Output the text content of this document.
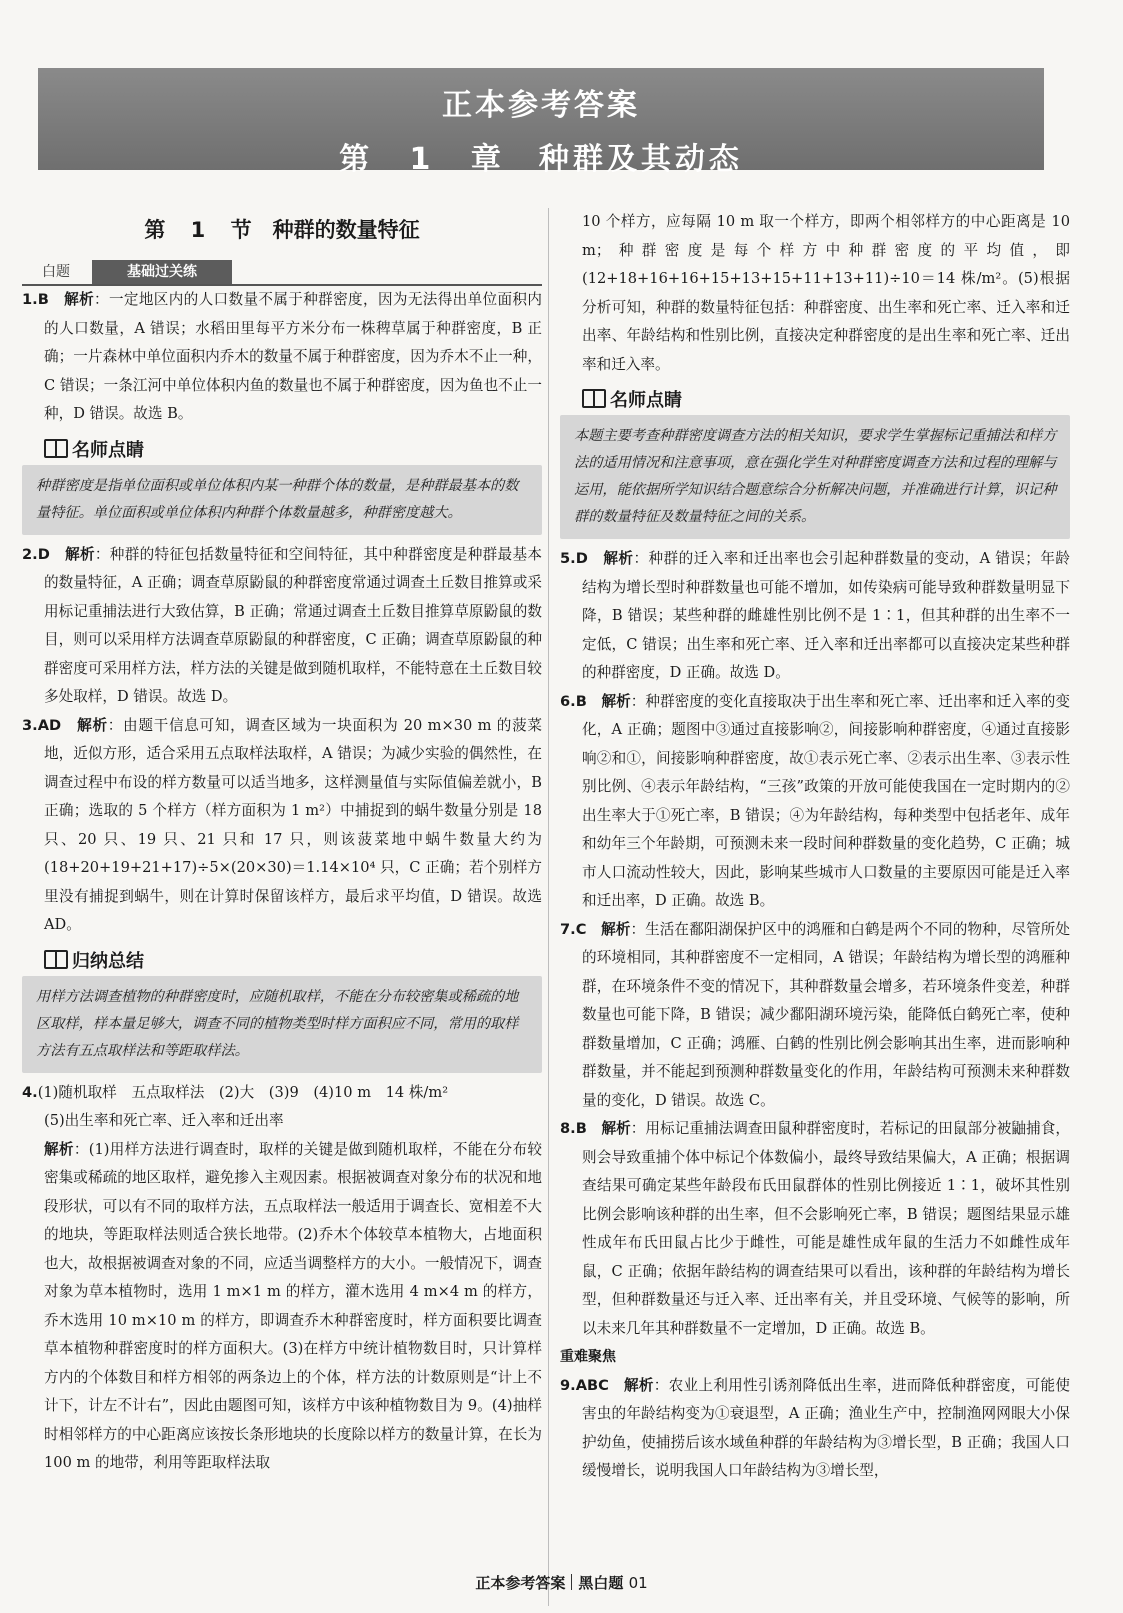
正本参考答案
第 1 章　种群及其动态
第 1 节　种群的数量特征
白题	基础过关练

1.B　 解析：一定地区内的人口数量不属于种群密度，因为无法得出单位面积内的人口数量，A 错误；水稻田里每平方米分布一株稗草属于种群密度，B 正确；一片森林中单位面积内乔木的数量不属于种群密度，因为乔木不止一种，C 错误；一条江河中单位体积内鱼的数量也不属于种群密度，因为鱼也不止一种，D 错误。故选 B。

名师点睛
种群密度是指单位面积或单位体积内某一种群个体的数量，是种群最基本的数量特征。单位面积或单位体积内种群个体数量越多，种群密度越大。

2.D　 解析：种群的特征包括数量特征和空间特征，其中种群密度是种群最基本的数量特征，A 正确；调查草原鼢鼠的种群密度常通过调查土丘数目推算或采用标记重捕法进行大致估算，B 正确；常通过调查土丘数目推算草原鼢鼠的数目，则可以采用样方法调查草原鼢鼠的种群密度，C 正确；调查草原鼢鼠的种群密度可采用样方法，样方法的关键是做到随机取样，不能特意在土丘数目较多处取样，D 错误。故选 D。

3.AD　 解析：由题干信息可知，调查区域为一块面积为 20 m×30 m 的菠菜地，近似方形，适合采用五点取样法取样，A 错误；为减少实验的偶然性，在调查过程中布设的样方数量可以适当地多，这样测量值与实际值偏差就小，B 正确；选取的 5 个样方（样方面积为 1 m²）中捕捉到的蜗牛数量分别是 18 只、20 只、19 只、21 只和 17 只，则该菠菜地中蜗牛数量大约为(18+20+19+21+17)÷5×(20×30)＝1.14×10⁴ 只，C 正确；若个别样方里没有捕捉到蜗牛，则在计算时保留该样方，最后求平均值，D 错误。故选 AD。

归纳总结
用样方法调查植物的种群密度时，应随机取样，不能在分布较密集或稀疏的地区取样，样本量足够大，调查不同的植物类型时样方面积应不同，常用的取样方法有五点取样法和等距取样法。

4.(1)随机取样　五点取样法　(2)大　(3)9　(4)10 m　14 株/m²

(5)出生率和死亡率、迁入率和迁出率

解析：(1)用样方法进行调查时，取样的关键是做到随机取样，不能在分布较密集或稀疏的地区取样，避免掺入主观因素。根据被调查对象分布的状况和地段形状，可以有不同的取样方法，五点取样法一般适用于调查长、宽相差不大的地块，等距取样法则适合狭长地带。(2)乔木个体较草本植物大，占地面积也大，故根据被调查对象的不同，应适当调整样方的大小。一般情况下，调查对象为草本植物时，选用 1 m×1 m 的样方，灌木选用 4 m×4 m 的样方，乔木选用 10 m×10 m 的样方，即调查乔木种群密度时，样方面积要比调查草本植物种群密度时的样方面积大。(3)在样方中统计植物数目时，只计算样方内的个体数目和样方相邻的两条边上的个体，样方法的计数原则是“计上不计下，计左不计右”，因此由题图可知，该样方中该种植物数目为 9。(4)抽样时相邻样方的中心距离应该按长条形地块的长度除以样方的数量计算，在长为 100 m 的地带，利用等距取样法取

10 个样方，应每隔 10 m 取一个样方，即两个相邻样方的中心距离是 10 m；种群密度是每个样方中种群密度的平均值，即(12+18+16+16+15+13+15+11+13+11)÷10＝14 株/m²。(5)根据分析可知，种群的数量特征包括：种群密度、出生率和死亡率、迁入率和迁出率、年龄结构和性别比例，直接决定种群密度的是出生率和死亡率、迁出率和迁入率。

名师点睛
本题主要考查种群密度调查方法的相关知识，要求学生掌握标记重捕法和样方法的适用情况和注意事项，意在强化学生对种群密度调查方法和过程的理解与运用，能依据所学知识结合题意综合分析解决问题，并准确进行计算，识记种群的数量特征及数量特征之间的关系。

5.D　 解析：种群的迁入率和迁出率也会引起种群数量的变动，A 错误；年龄结构为增长型时种群数量也可能不增加，如传染病可能导致种群数量明显下降，B 错误；某些种群的雌雄性别比例不是 1∶1，但其种群的出生率不一定低，C 错误；出生率和死亡率、迁入率和迁出率都可以直接决定某些种群的种群密度，D 正确。故选 D。

6.B　 解析：种群密度的变化直接取决于出生率和死亡率、迁出率和迁入率的变化，A 正确；题图中③通过直接影响②，间接影响种群密度，④通过直接影响②和①，间接影响种群密度，故①表示死亡率、②表示出生率、③表示性别比例、④表示年龄结构，“三孩”政策的开放可能使我国在一定时期内的②出生率大于①死亡率，B 错误；④为年龄结构，每种类型中包括老年、成年和幼年三个年龄期，可预测未来一段时间种群数量的变化趋势，C 正确；城市人口流动性较大，因此，影响某些城市人口数量的主要原因可能是迁入率和迁出率，D 正确。故选 B。

7.C　 解析：生活在鄱阳湖保护区中的鸿雁和白鹤是两个不同的物种，尽管所处的环境相同，其种群密度不一定相同，A 错误；年龄结构为增长型的鸿雁种群，在环境条件不变的情况下，其种群数量会增多，若环境条件变差，种群数量也可能下降，B 错误；减少鄱阳湖环境污染，能降低白鹤死亡率，使种群数量增加，C 正确；鸿雁、白鹤的性别比例会影响其出生率，进而影响种群数量，并不能起到预测种群数量变化的作用，年龄结构可预测未来种群数量的变化，D 错误。故选 C。

8.B　 解析：用标记重捕法调查田鼠种群密度时，若标记的田鼠部分被鼬捕食，则会导致重捕个体中标记个体数偏小，最终导致结果偏大，A 正确；根据调查结果可确定某些年龄段布氏田鼠群体的性别比例接近 1∶1，破坏其性别比例会影响该种群的出生率，但不会影响死亡率，B 错误；题图结果显示雄性成年布氏田鼠占比少于雌性，可能是雄性成年鼠的生活力不如雌性成年鼠，C 正确；依据年龄结构的调查结果可以看出，该种群的年龄结构为增长型，但种群数量还与迁入率、迁出率有关，并且受环境、气候等的影响，所以未来几年其种群数量不一定增加，D 正确。故选 B。

重难聚焦

9.ABC　 解析：农业上利用性引诱剂降低出生率，进而降低种群密度，可能使害虫的年龄结构变为①衰退型，A 正确；渔业生产中，控制渔网网眼大小保护幼鱼，使捕捞后该水域鱼种群的年龄结构为③增长型，B 正确；我国人口缓慢增长，说明我国人口年龄结构为③增长型，

正本参考答案 黑白题 01
